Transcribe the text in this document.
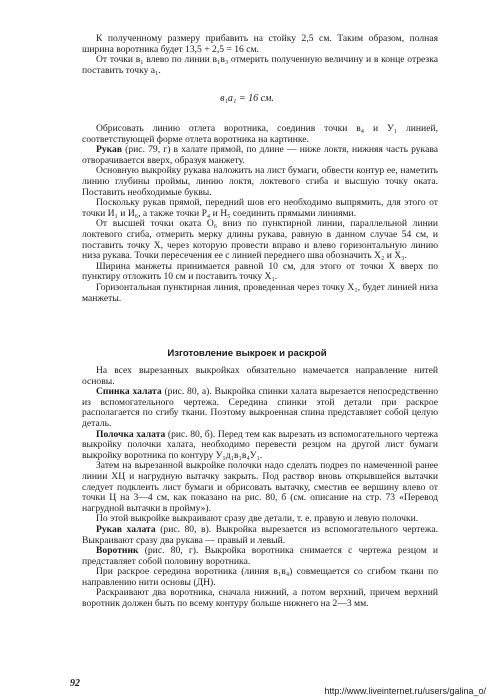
К полученному размеру прибавить на стойку 2,5 см. Таким образом, полная ширина воротника будет 13,5 + 2,5 = 16 см.

От точки в₁ влево по линии в₁в₃ отмерить полученную величину и в конце отрезка поставить точку а₁.

в₁а₁ = 16 см.

Обрисовать линию отлета воротника, соединив точки в₄ и У₁ линией, соответствующей форме отлета воротника на картинке.

Рукав (рис. 79, г) в халате прямой, по длине — ниже локтя, нижняя часть рукава отворачивается вверх, образуя манжету.

Основную выкройку рукава наложить на лист бумаги, обвести контур ее, наметить линию глубины проймы, линию локтя, локтевого сгиба и высшую точку оката. Поставить необходимые буквы.

Поскольку рукав прямой, передний шов его необходимо выпрямить, для этого от точки И₁ и И₆, а также точки Р₄ и Н₅ соединить прямыми линиями.

От высшей точки оката О₆ вниз по пунктирной линии, параллельной линии локтевого сгиба, отмерить мерку длины рукава, равную в данном случае 54 см, и поставить точку Х, через которую провести вправо и влево горизонтальную линию низа рукава. Точки пересечения ее с линией переднего шва обозначить Х₂ и Х₃.

Ширина манжеты принимается равной 10 см, для этого от точки Х вверх по пунктиру отложить 10 см и поставить точку Х₁.

Горизонтальная пунктирная линия, проведенная через точку Х₁, будет линией низа манжеты.

Изготовление выкроек и раскрой

На всех вырезанных выкройках обязательно намечается направление нитей основы.

Спинка халата (рис. 80, а). Выкройка спинки халата вырезается непосредственно из вспомогательного чертежа. Середина спинки этой детали при раскрое располагается по сгибу ткани. Поэтому выкроенная спина представляет собой целую деталь.

Полочка халата (рис. 80, б). Перед тем как вырезать из вспомогательного чертежа выкройку полочки халата, необходимо перевести резцом на другой лист бумаги выкройку воротника по контуру У₁д₁в₁в₄У₁.

Затем на вырезанной выкройке полочки надо сделать подрез по намеченной ранее линии ХЦ и нагрудную вытачку закрыть. Под раствор вновь открывшейся вытачки следует подклеить лист бумаги и обрисовать вытачку, сместив ее вершину влево от точки Ц на 3—4 см, как показано на рис. 80, б (см. описание на стр. 73 «Перевод нагрудной вытачки в пройму»).

По этой выкройке выкраивают сразу две детали, т. е. правую и левую полочки.

Рукав халата (рис. 80, в). Выкройка вырезается из вспомогательного чертежа. Выкраивают сразу два рукава — правый и левый.

Воротник (рис. 80, г). Выкройка воротника снимается с чертежа резцом и представляет собой половину воротника.

При раскрое середина воротника (линия в₁в₄) совмещается со сгибом ткани по направлению нити основы (ДН).

Раскраивают два воротника, сначала нижний, а потом верхний, причем верхний воротник должен быть по всему контуру больше нижнего на 2—3 мм.

92
http://www.liveinternet.ru/users/galina_o/
